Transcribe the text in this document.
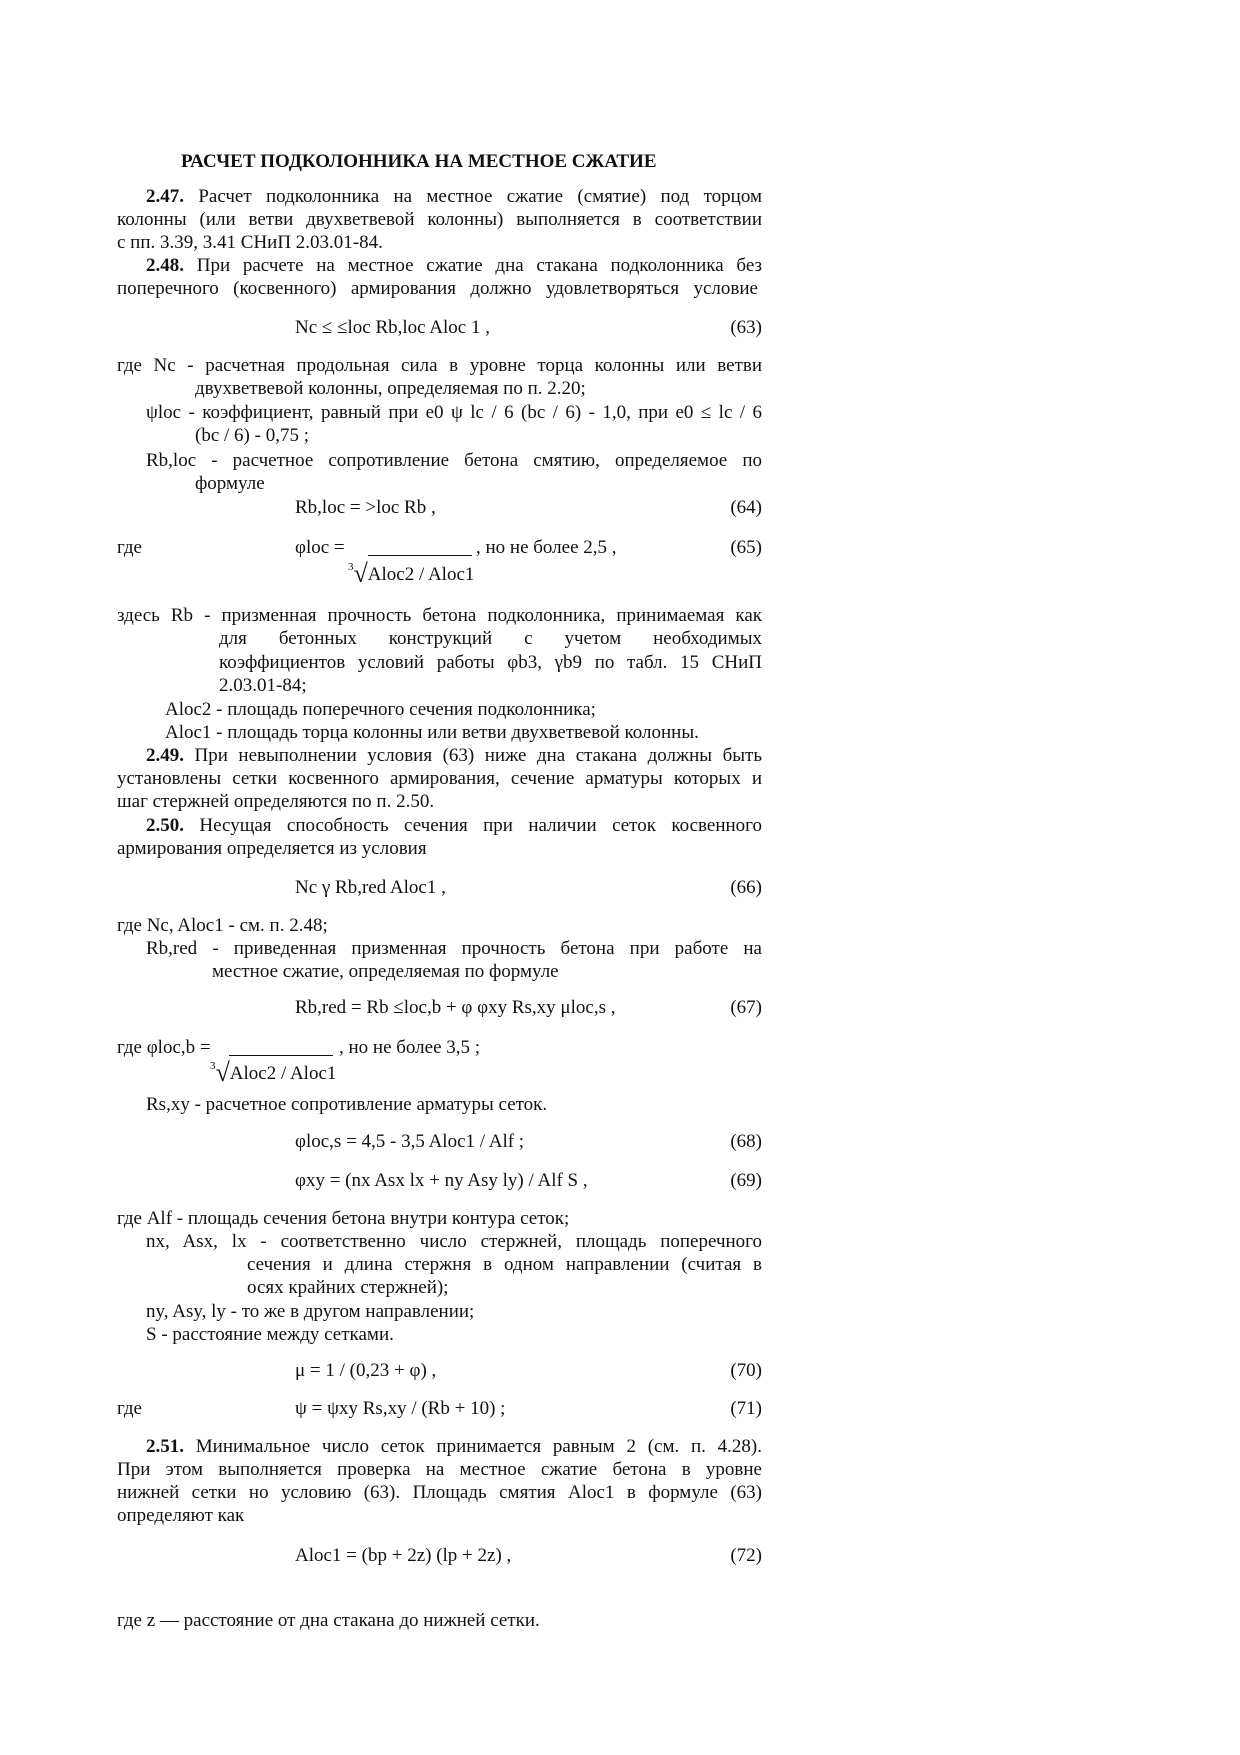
РАСЧЕТ ПОДКОЛОННИКА НА МЕСТНОЕ СЖАТИЕ
2.47. Расчет подколонника на местное сжатие (смятие) под торцом
колонны (или ветви двухветвевой колонны) выполняется в соответствии
с пп. 3.39, 3.41 СНиП 2.03.01-84.
2.48. При расчете на местное сжатие дна стакана подколонника без
поперечного (косвенного) армирования должно удовлетворяться условие
Nc ≤ ≤loc Rb,loc Aloc 1 ,	(63)
где Nc - расчетная продольная сила в уровне торца колонны или ветви
двухветвевой колонны, определяемая по п. 2.20;
ψloc - коэффициент, равный при e0 ψ lc / 6 (bc / 6) - 1,0, при e0 ≤ lc / 6
(bc / 6) - 0,75 ;
Rb,loc - расчетное сопротивление бетона смятию, определяемое по
формуле
Rb,loc = >loc Rb ,	(64)
где	φloc =	, но не более 2,5 ,	(65)
$^3$√Aloc2 / Aloc1
здесь Rb - призменная прочность бетона подколонника, принимаемая как
для бетонных конструкций с учетом необходимых
коэффициентов условий работы φb3, γb9 по табл. 15 СНиП
2.03.01-84;
Aloc2 - площадь поперечного сечения подколонника;
Aloc1 - площадь торца колонны или ветви двухветвевой колонны.
2.49. При невыполнении условия (63) ниже дна стакана должны быть
установлены сетки косвенного армирования, сечение арматуры которых и
шаг стержней определяются по п. 2.50.
2.50. Несущая способность сечения при наличии сеток косвенного
армирования определяется из условия
Nc γ Rb,red Aloc1 ,	(66)
где Nc, Aloc1 - см. п. 2.48;
Rb,red - приведенная призменная прочность бетона при работе на
местное сжатие, определяемая по формуле
Rb,red = Rb ≤loc,b + φ φxy Rs,xy μloc,s ,	(67)
где φloc,b =	, но не более 3,5 ;
$^3$√Aloc2 / Aloc1
Rs,xy - расчетное сопротивление арматуры сеток.
φloc,s = 4,5 - 3,5 Aloc1 / Alf ;	(68)
φxy = (nx Asx lx + ny Asy ly) / Alf S ,	(69)
где Alf - площадь сечения бетона внутри контура сеток;
nx, Asx, lx - соответственно число стержней, площадь поперечного
сечения и длина стержня в одном направлении (считая в
осях крайних стержней);
ny, Asy, ly - то же в другом направлении;
S - расстояние между сетками.
μ = 1 / (0,23 + φ) ,	(70)
где	ψ = ψxy Rs,xy / (Rb + 10) ;	(71)
2.51. Минимальное число сеток принимается равным 2 (см. п. 4.28).
При этом выполняется проверка на местное сжатие бетона в уровне
нижней сетки но условию (63). Площадь смятия Aloc1 в формуле (63)
определяют как
Aloc1 = (bp + 2z) (lp + 2z) ,	(72)
где z — расстояние от дна стакана до нижней сетки.
